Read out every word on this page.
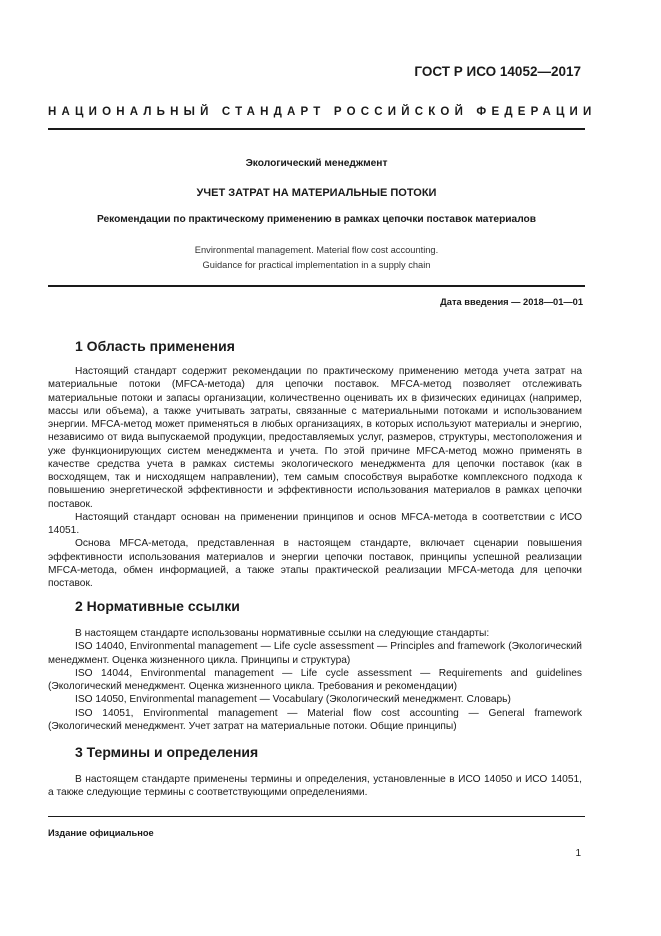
ГОСТ Р ИСО 14052—2017
НАЦИОНАЛЬНЫЙ СТАНДАРТ РОССИЙСКОЙ ФЕДЕРАЦИИ
Экологический менеджмент
УЧЕТ ЗАТРАТ НА МАТЕРИАЛЬНЫЕ ПОТОКИ
Рекомендации по практическому применению в рамках цепочки поставок материалов
Environmental management. Material flow cost accounting.
Guidance for practical implementation in a supply chain
Дата введения — 2018—01—01
1 Область применения

Настоящий стандарт содержит рекомендации по практическому применению метода учета затрат на материальные потоки (MFCA-метода) для цепочки поставок. MFCA-метод позволяет отслеживать материальные потоки и запасы организации, количественно оценивать их в физических единицах (например, массы или объема), а также учитывать затраты, связанные с материальными потоками и использованием энергии. MFCA-метод может применяться в любых организациях, в которых используют материалы и энергию, независимо от вида выпускаемой продукции, предоставляемых услуг, размеров, структуры, местоположения и уже функционирующих систем менеджмента и учета. По этой причине MFCA-метод можно применять в качестве средства учета в рамках системы экологического менеджмента для цепочки поставок (как в восходящем, так и нисходящем направлении), тем самым способствуя выработке комплексного подхода к повышению энергетической эффективности и эффективности использования материалов в рамках цепочки поставок.

Настоящий стандарт основан на применении принципов и основ MFCA-метода в соответствии с ИСО 14051.

Основа MFCA-метода, представленная в настоящем стандарте, включает сценарии повышения эффективности использования материалов и энергии цепочки поставок, принципы успешной реализации MFCA-метода, обмен информацией, а также этапы практической реализации MFCA-метода для цепочки поставок.

2 Нормативные ссылки

В настоящем стандарте использованы нормативные ссылки на следующие стандарты:

ISO 14040, Environmental management — Life cycle assessment — Principles and framework (Экологический менеджмент. Оценка жизненного цикла. Принципы и структура)

ISO 14044, Environmental management — Life cycle assessment — Requirements and guidelines (Экологический менеджмент. Оценка жизненного цикла. Требования и рекомендации)

ISO 14050, Environmental management — Vocabulary (Экологический менеджмент. Словарь)

ISO 14051, Environmental management — Material flow cost accounting — General framework (Экологический менеджмент. Учет затрат на материальные потоки. Общие принципы)

3 Термины и определения

В настоящем стандарте применены термины и определения, установленные в ИСО 14050 и ИСО 14051, а также следующие термины с соответствующими определениями.

Издание официальное
1
